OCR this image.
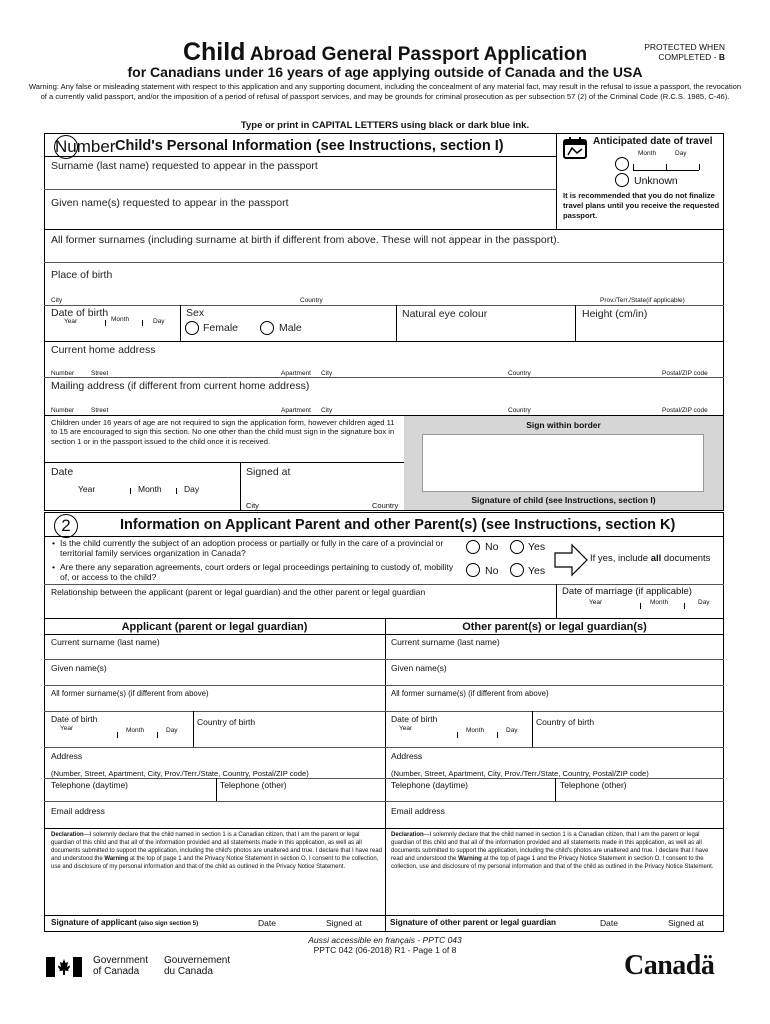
Child Abroad General Passport Application	PROTECTED WHEN
COMPLETED - B
for Canadians under 16 years of age applying outside of Canada and the USA
Warning: Any false or misleading statement with respect to this application and any supporting document, including the concealment of any material fact, may result in the refusal to issue a passport, the revocation of a currently valid passport, and/or the imposition of a period of refusal of passport services, and may be grounds for criminal prosecution as per subsection 57 (2) of the Criminal Code (R.C.S. 1985, C-46).
Type or print in CAPITAL LETTERS using black or dark blue ink.
Number Child's Personal Information (see Instructions, section I)	Anticipated date of travel
Month	Day
Unknown
It is recommended that you do not finalize travel plans until you receive the requested passport.
Surname (last name) requested to appear in the passport
Given name(s) requested to appear in the passport
All former surnames (including surname at birth if different from above. These will not appear in the passport).
Place of birth
City	Country	Prov./Terr./State(if applicable)
Date of birth
Year	Month	Day
Sex
Female	Male
Natural eye colour	Height (cm/in)
Current home address
Number	Street	Apartment City	Country	Postal/ZIP code
Mailing address (if different from current home address)
Number	Street	Apartment City	Country	Postal/ZIP code
Children under 16 years of age are not required to sign the application form, however children aged 11 to 15 are encouraged to sign this section. No one other than the child must sign in the signature box in section 1 or in the passport issued to the child once it is received.
Date
Year	Month	Day
Signed at
City	Country
Sign within border
Signature of child (see Instructions, section I)
2	Information on Applicant Parent and other Parent(s) (see Instructions, section K)
• Is the child currently the subject of an adoption process or partially or fully in the care of a provincial or territorial family services organization in Canada?	No	Yes
• Are there any separation agreements, court orders or legal proceedings pertaining to custody of, mobility of, or access to the child?	No	Yes
If yes, include all documents
Relationship between the applicant (parent or legal guardian) and the other parent or legal guardian	Date of marriage (if applicable)
Year	Month	Day
Applicant (parent or legal guardian)	Other parent(s) or legal guardian(s)
Current surname (last name)
Given name(s)
All former surname(s) (if different from above)
Date of birth
Year	Month	Day
Country of birth
Address
(Number, Street, Apartment, City, Prov./Terr./State, Country, Postal/ZIP code)
Telephone (daytime)	Telephone (other)
Email address
Declaration—I solemnly declare that the child named in section 1 is a Canadian citizen, that I am the parent or legal guardian of this child and that all of the information provided and all statements made in this application, as well as all documents submitted to support the application, including the child's photos are unaltered and true. I declare that I have read and understood the Warning at the top of page 1 and the Privacy Notice Statement in section O. I consent to the collection, use and disclosure of my personal information and that of the child as outlined in the Privacy Notice Statement.
Signature of applicant (also sign section 5)	Date	Signed at
Current surname (last name)
Given name(s)
All former surname(s) (if different from above)
Date of birth
Year	Month	Day
Country of birth
Address
(Number, Street, Apartment, City, Prov./Terr./State, Country, Postal/ZIP code)
Telephone (daytime)	Telephone (other)
Email address
Declaration—I solemnly declare that the child named in section 1 is a Canadian citizen, that I am the parent or legal guardian of this child and that all of the information provided and all statements made in this application, as well as all documents submitted to support the application, including the child's photos are unaltered and true. I declare that I have read and understood the Warning at the top of page 1 and the Privacy Notice Statement in section O. I consent to the collection, use and disclosure of my personal information and that of the child as outlined in the Privacy Notice Statement.
Signature of other parent or legal guardian	Date	Signed at
Aussi accessible en français - PPTC 043
PPTC 042 (06-2018) R1 - Page 1 of 8
Government
of Canada
Gouvernement
du Canada	Canadä
